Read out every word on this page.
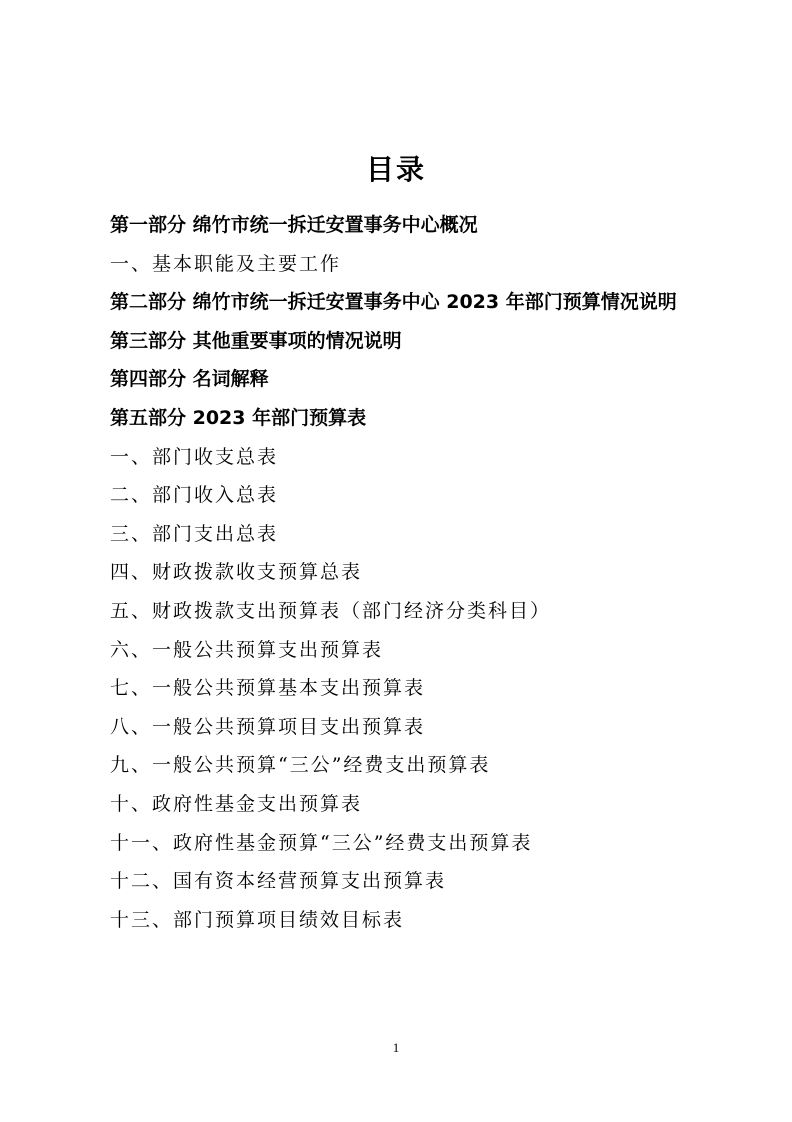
目录
第一部分 绵竹市统一拆迁安置事务中心概况
一、基本职能及主要工作
第二部分 绵竹市统一拆迁安置事务中心 2023 年部门预算情况说明
第三部分 其他重要事项的情况说明
第四部分 名词解释
第五部分 2023 年部门预算表
一、部门收支总表
二、部门收入总表
三、部门支出总表
四、财政拨款收支预算总表
五、财政拨款支出预算表（部门经济分类科目）
六、一般公共预算支出预算表
七、一般公共预算基本支出预算表
八、一般公共预算项目支出预算表
九、一般公共预算“三公”经费支出预算表
十、政府性基金支出预算表
十一、政府性基金预算“三公”经费支出预算表
十二、国有资本经营预算支出预算表
十三、部门预算项目绩效目标表
1
